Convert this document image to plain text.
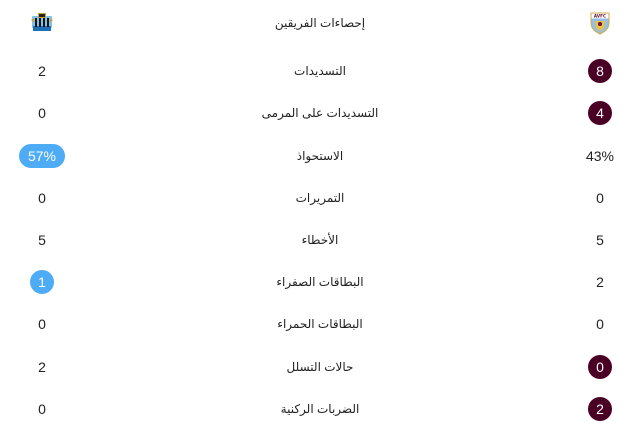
إحصاءات الفريقين	AVFC
2	التسديدات	8
0	التسديدات على المرمى	4
57%	الاستحواذ	43%
0	التمريرات	0
5	الأخطاء	5
1	البطاقات الصفراء	2
0	البطاقات الحمراء	0
2	حالات التسلل	0
0	الضربات الركنية	2
